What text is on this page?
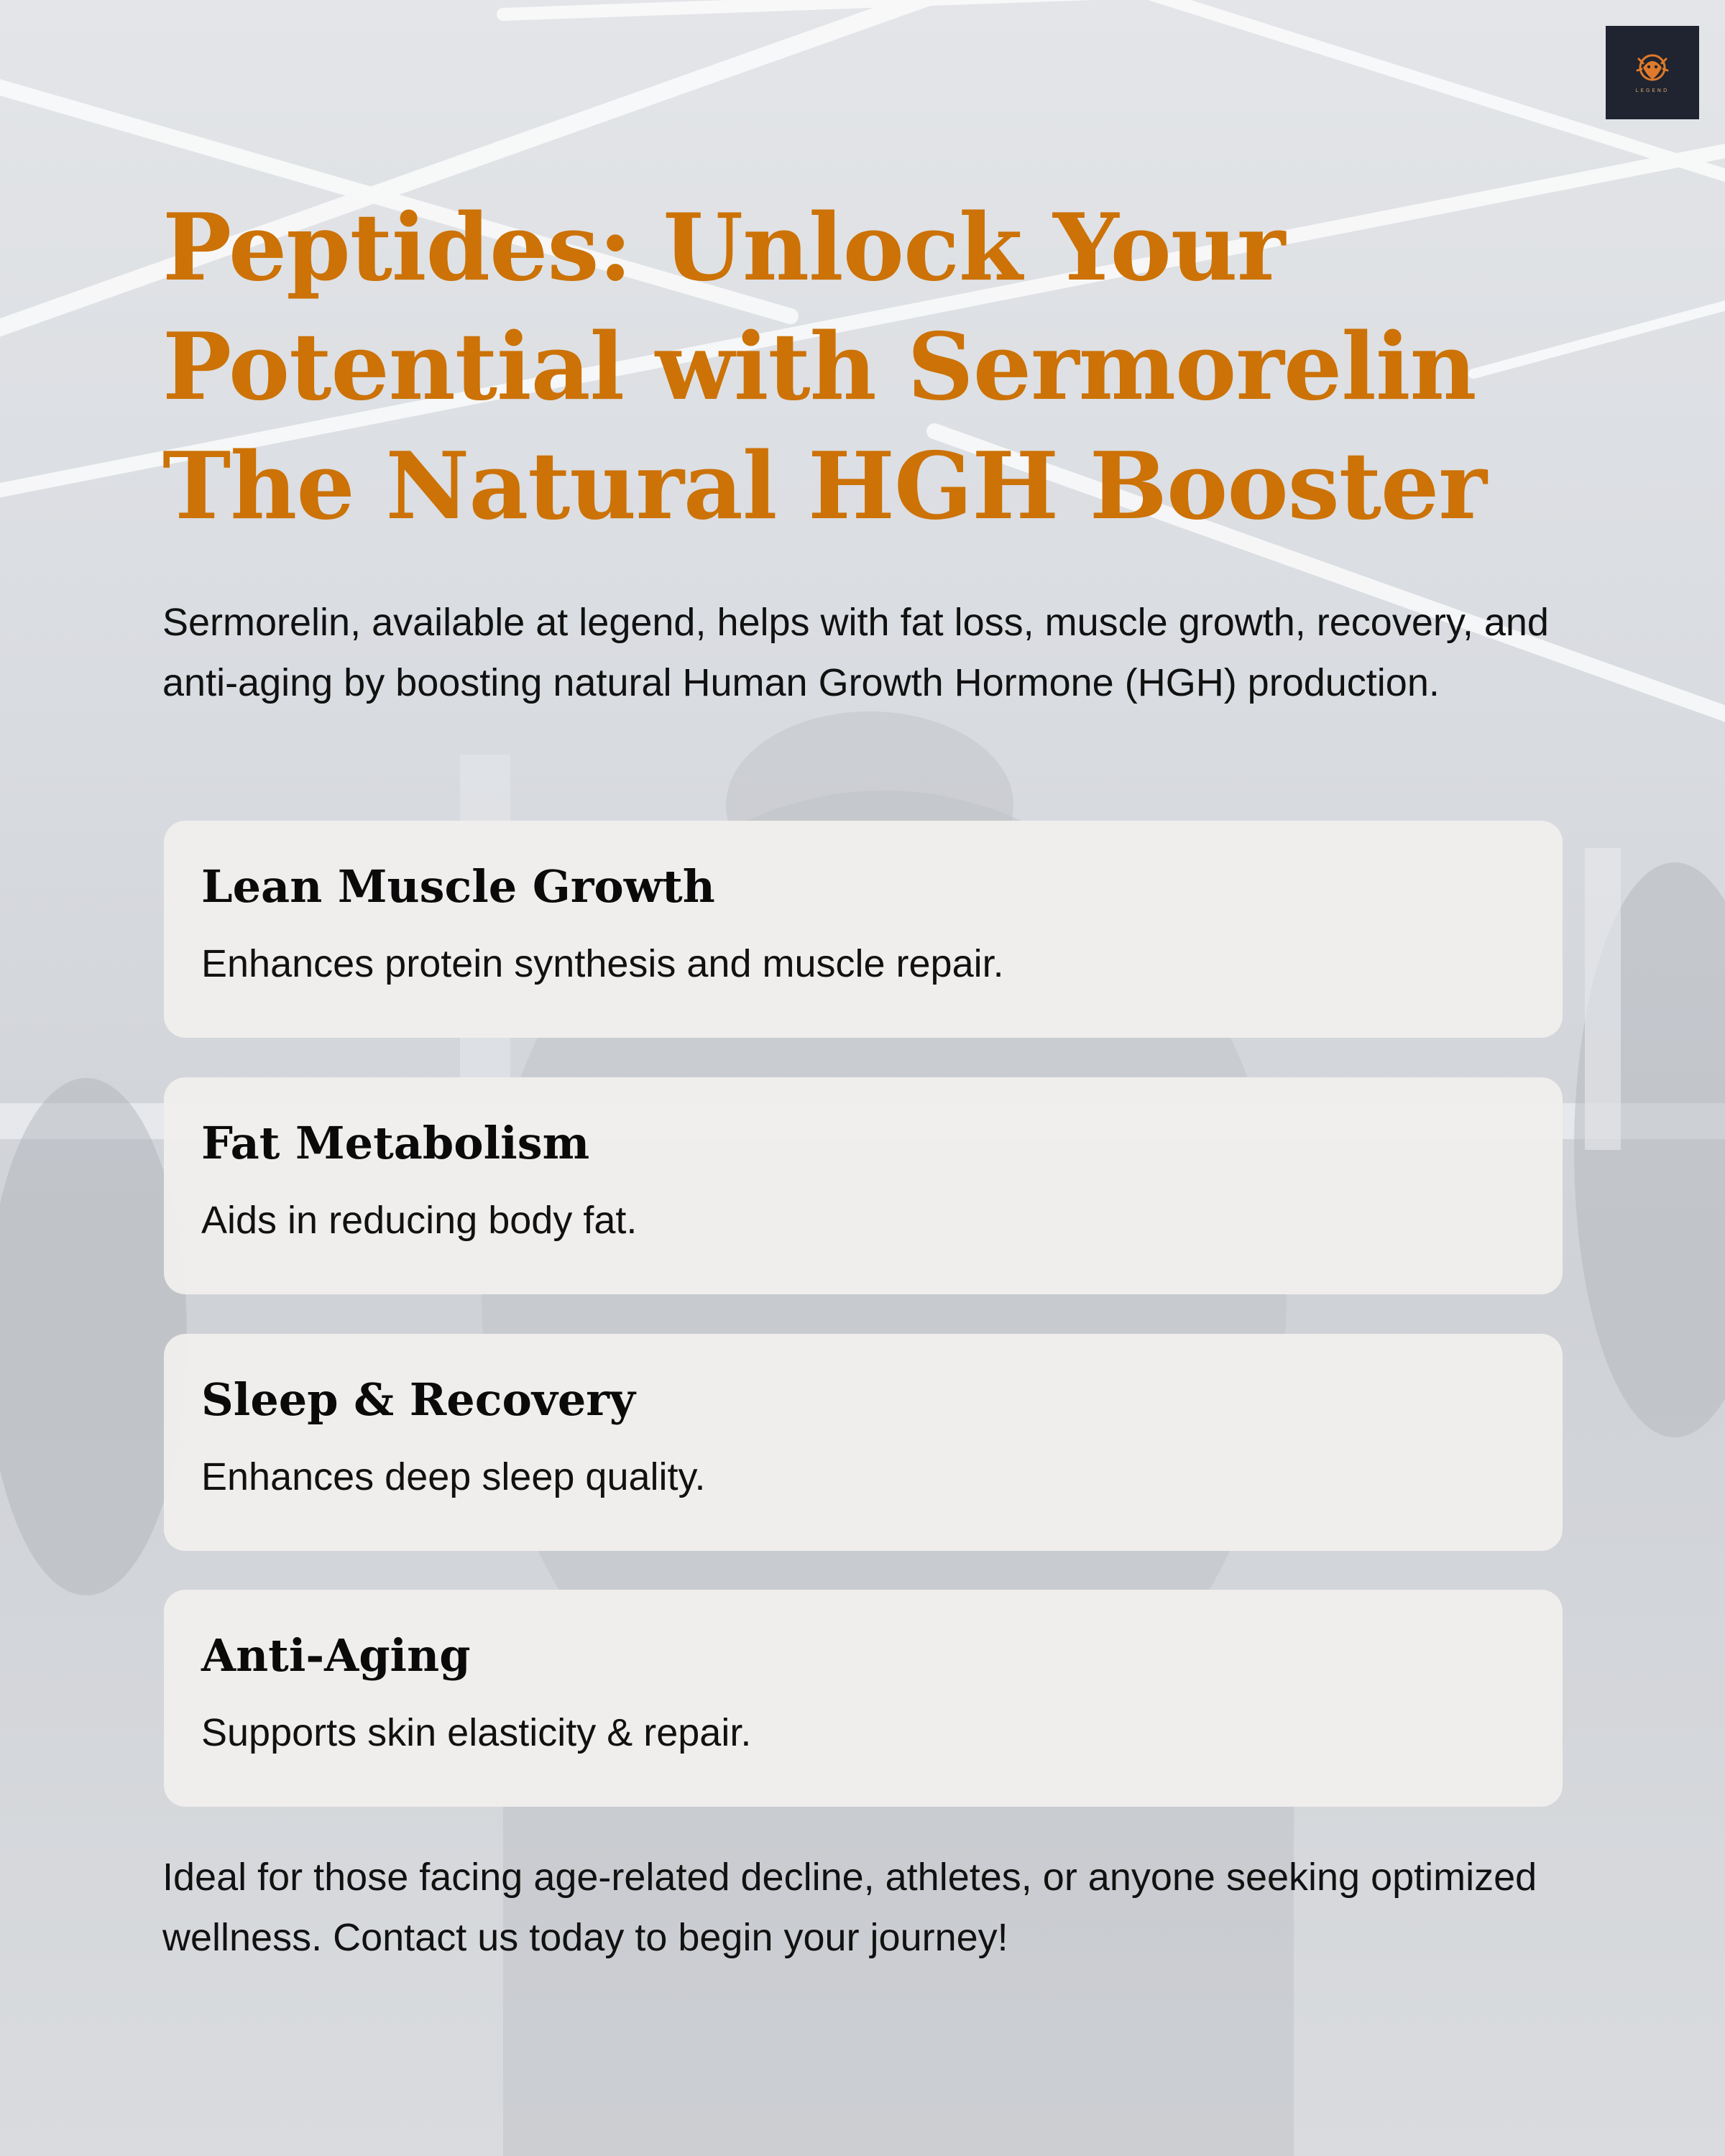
LEGEND
Peptides: Unlock Your
Potential with Sermorelin
The Natural HGH Booster

Sermorelin, available at legend, helps with fat loss, muscle growth, recovery, and anti-aging by boosting natural Human Growth Hormone (HGH) production.

Lean Muscle Growth

Enhances protein synthesis and muscle repair.

Fat Metabolism

Aids in reducing body fat.

Sleep & Recovery

Enhances deep sleep quality.

Anti-Aging

Supports skin elasticity & repair.

Ideal for those facing age-related decline, athletes, or anyone seeking optimized wellness. Contact us today to begin your journey!
